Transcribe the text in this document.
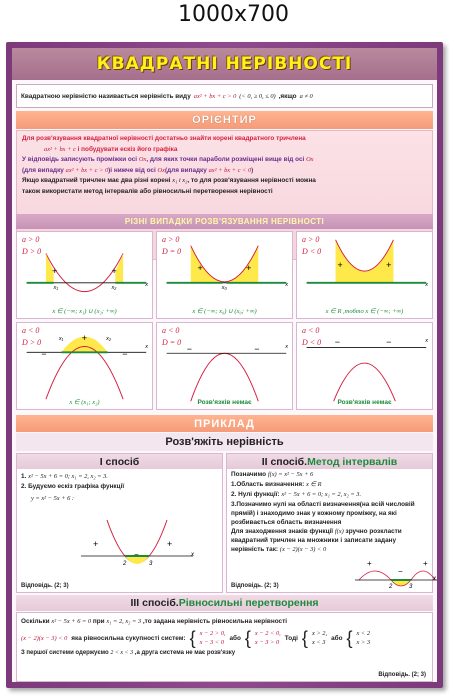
1000x700
КВАДРАТНІ НЕРІВНОСТІ
Квадратною нерівністю називається нерівність виду ax² + bx + c > 0 (< 0, ≥ 0, ≤ 0) ,якщо a ≠ 0
ОРІЄНТИР
Для розв'язування квадратної нерівності достатньо знайти корені квадратного тричлена
ax² + bx + c і побудувати ескіз його графіка
У відповідь записують проміжки осі Ox, для яких точки параболи розміщені вище від осі Ox
(для випадку ax² + bx + c > 0)і нижче від осі Ox(для випадку ax² + bx + c < 0)
Якщо квадратний тричлен має два різні корені x₁ і x₂, то для розв'язування нерівності можна
також використати метод інтервалів або рівносильні перетворення нерівності
РІЗНІ ВИПАДКИ РОЗВ'ЯЗУВАННЯ НЕРІВНОСТІ
a > 0
D > 0
+	+
x₁	x₂
x
x ∈ (−∞; x₁) ∪ (x₂; +∞)
a > 0
D = 0
+	+
x₀
x
x ∈ (−∞; x₀) ∪ (x₀; +∞)
a > 0
D < 0
+	+
x
x ∈ R ,тобто x ∈ (−∞; +∞)
a < 0
D > 0
−
+
−
x₁	x₂
x
x ∈ (x₁; x₂)
a < 0
D = 0
−	−	x
Розв'язків немає
a < 0
D < 0 −	−	x
Розв'язків немає
ПРИКЛАД
Розв'яжіть нерівність
I спосіб
1. x² − 5x + 6 = 0; x₁ = 2, x₂ = 3.
2. Будуємо ескіз графіка функції
y = x² − 5x + 6 :
+	+
−
2	3
x
Відповідь. (2; 3)
II спосіб. Метод інтервалів
Позначимо f(x) = x² − 5x + 6
1.Область визначення: x ∈ R
2. Нулі функції: x² − 5x + 6 = 0; x₁ = 2, x₂ = 3.
3.Позначимо нулі на області визначення(на всій числовій
прямій) і знаходимо знак у кожному проміжку, на які
розбивається область визначення
Для знаходження знаків функції f(x) зручно розкласти
квадратний тричлен на множники і записати задану
нерівність так: (x − 2)(x − 3) < 0
+
−
+
2	3
x
Відповідь. (2; 3)
III спосіб. Рівносильні перетворення
Оскільки x² − 5x + 6 = 0 при x₁ = 2, x₂ = 3 ,то задана нерівність рівносильна нерівності
(x − 2)(x − 3) < 0 яка рівносильна сукупності систем: { x − 2 > 0,
x − 3 < 0
або { x − 2 < 0,
x − 3 > 0
Тоді { x > 2,
x < 3
або { x < 2
x > 3
З першої системи одержуємо 2 < x < 3 ,а друга система не має розв'язку
Відповідь. (2; 3)
